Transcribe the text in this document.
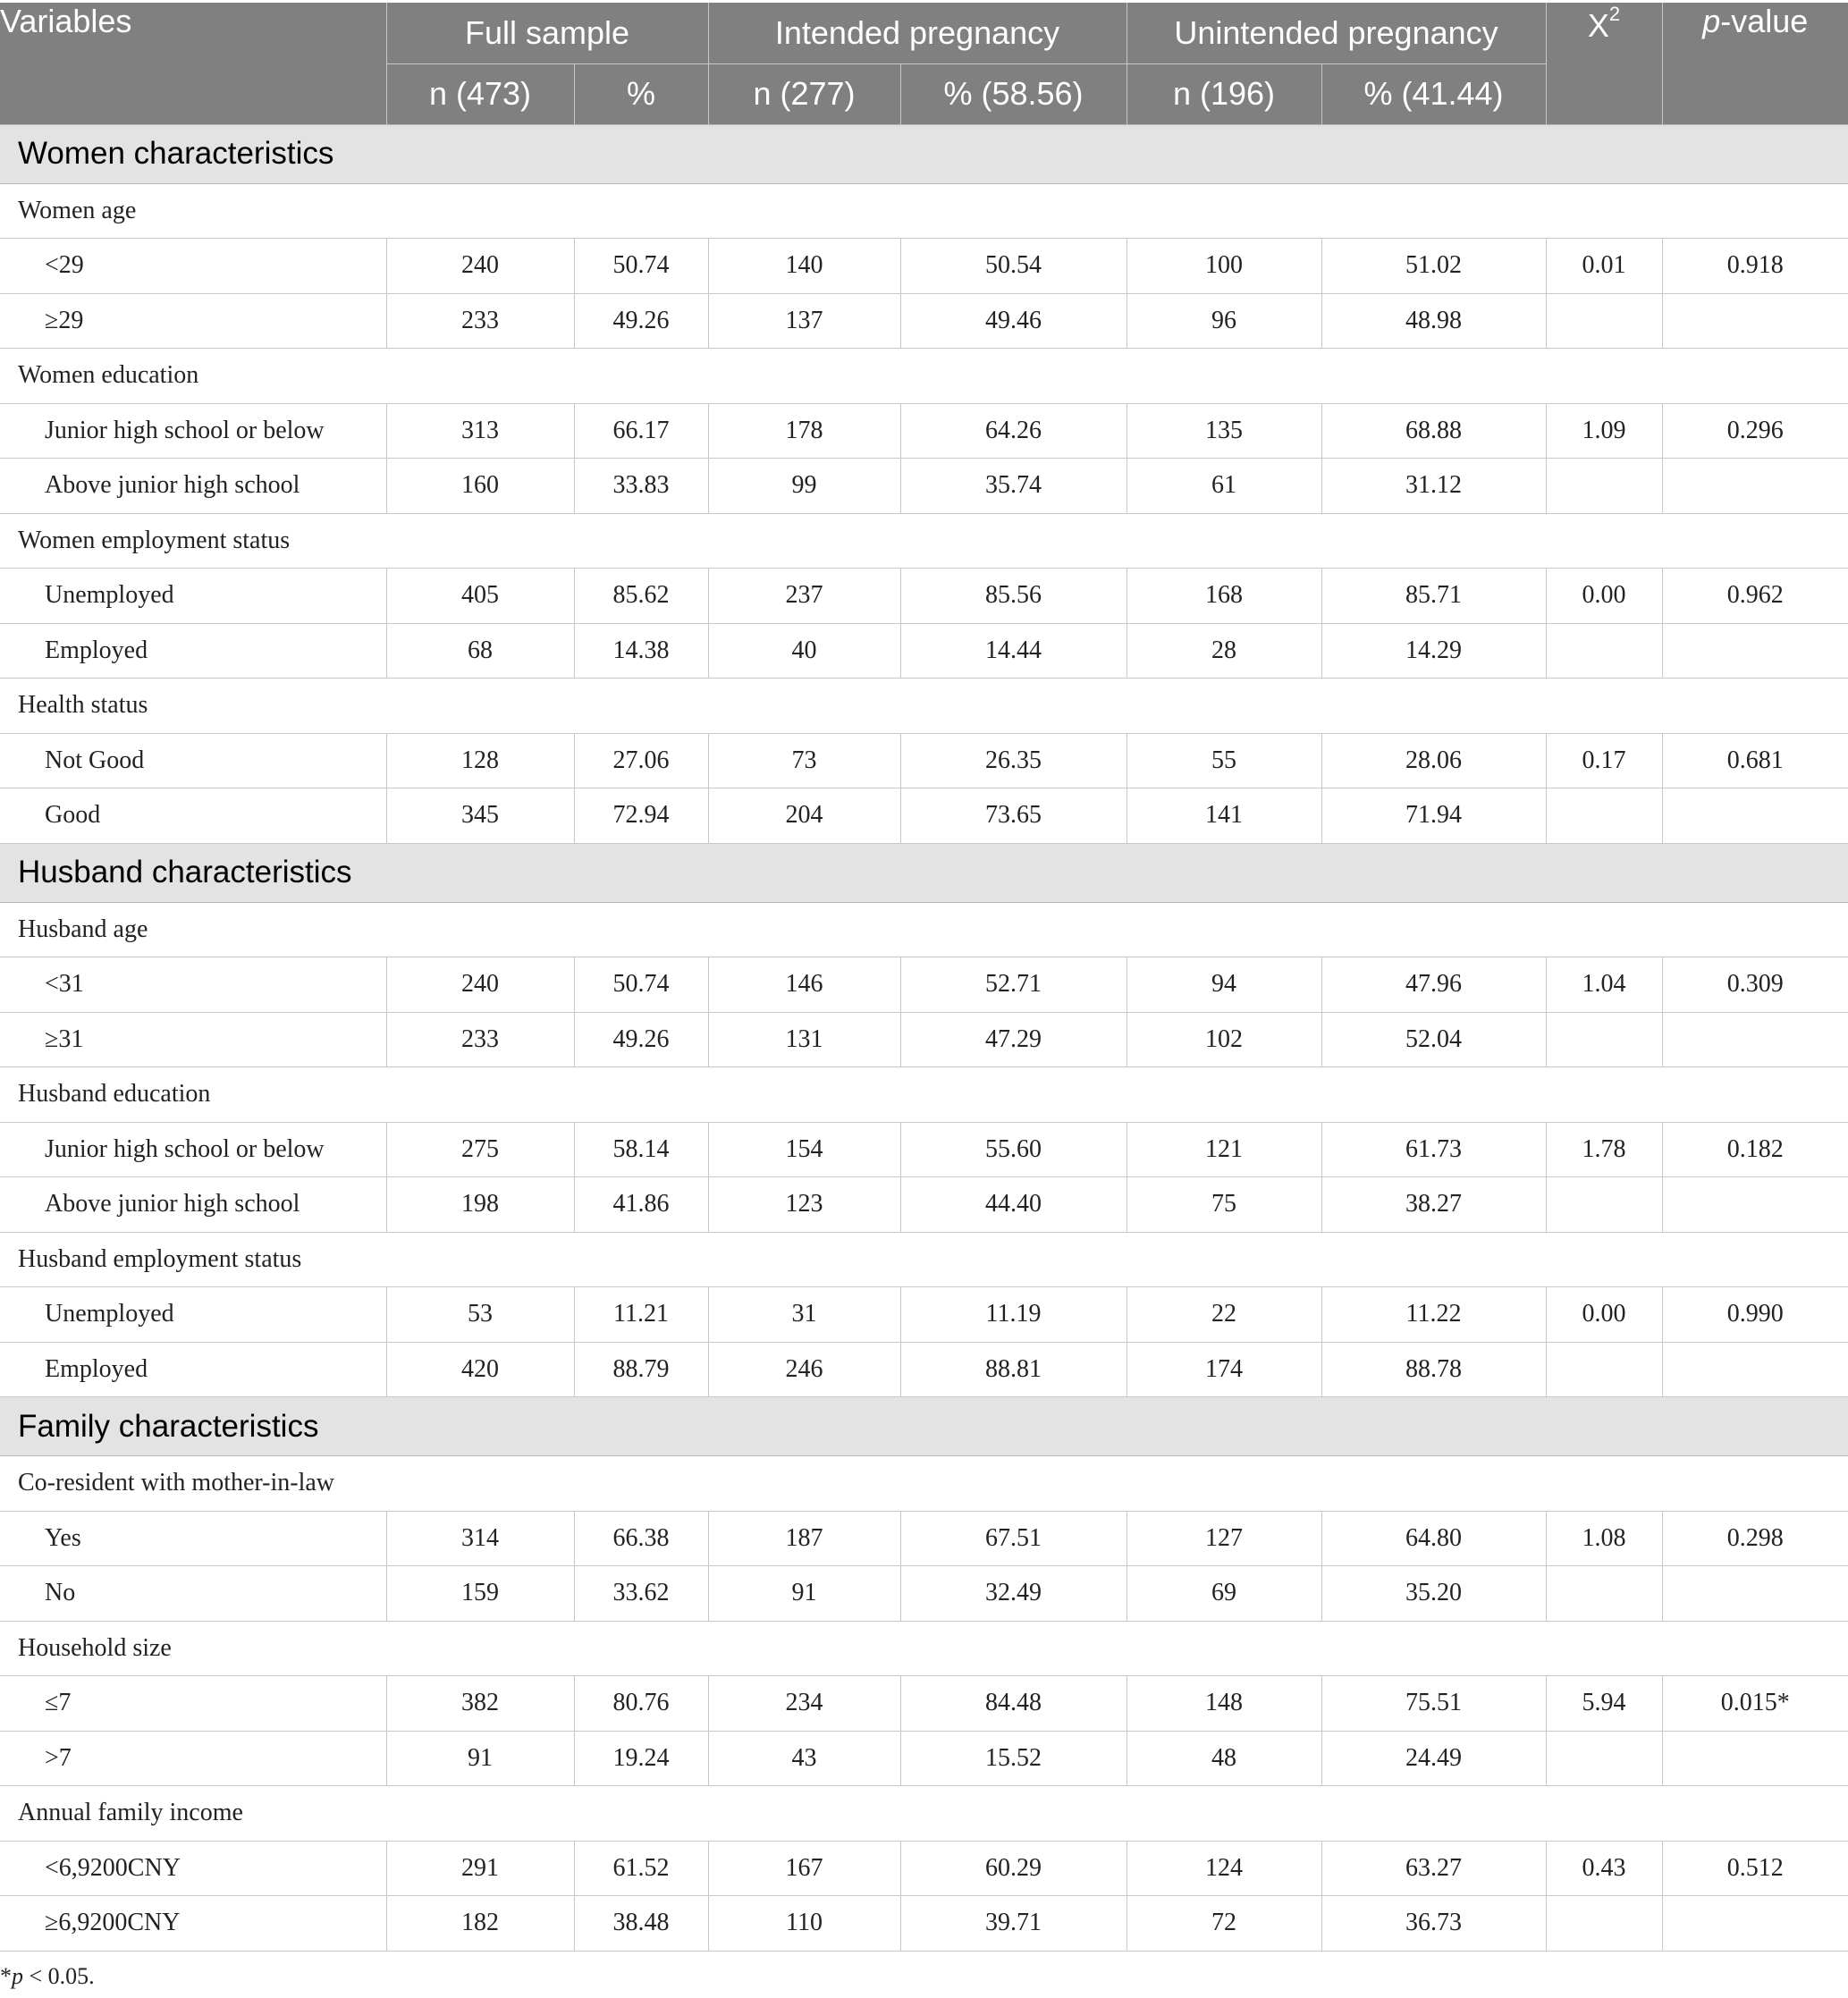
Variables	Full sample		Intended pregnancy		Unintended pregnancy		$X^2$	p-value
	n (473)	%	n (277)	% (58.56)	n (196)	% (41.44)		
Women characteristics								
Women age								
<29	240	50.74	140	50.54	100	51.02	0.01	0.918
≥29	233	49.26	137	49.46	96	48.98		
Women education								
Junior high school or below	313	66.17	178	64.26	135	68.88	1.09	0.296
Above junior high school	160	33.83	99	35.74	61	31.12		
Women employment status								
Unemployed	405	85.62	237	85.56	168	85.71	0.00	0.962
Employed	68	14.38	40	14.44	28	14.29		
Health status								
Not Good	128	27.06	73	26.35	55	28.06	0.17	0.681
Good	345	72.94	204	73.65	141	71.94		
Husband characteristics								
Husband age								
<31	240	50.74	146	52.71	94	47.96	1.04	0.309
≥31	233	49.26	131	47.29	102	52.04		
Husband education								
Junior high school or below	275	58.14	154	55.60	121	61.73	1.78	0.182
Above junior high school	198	41.86	123	44.40	75	38.27		
Husband employment status								
Unemployed	53	11.21	31	11.19	22	11.22	0.00	0.990
Employed	420	88.79	246	88.81	174	88.78		
Family characteristics								
Co-resident with mother-in-law								
Yes	314	66.38	187	67.51	127	64.80	1.08	0.298
No	159	33.62	91	32.49	69	35.20		
Household size								
≤7	382	80.76	234	84.48	148	75.51	5.94	0.015*
>7	91	19.24	43	15.52	48	24.49		
Annual family income								
<6,9200CNY	291	61.52	167	60.29	124	63.27	0.43	0.512
≥6,9200CNY	182	38.48	110	39.71	72	36.73		
*p < 0.05.
